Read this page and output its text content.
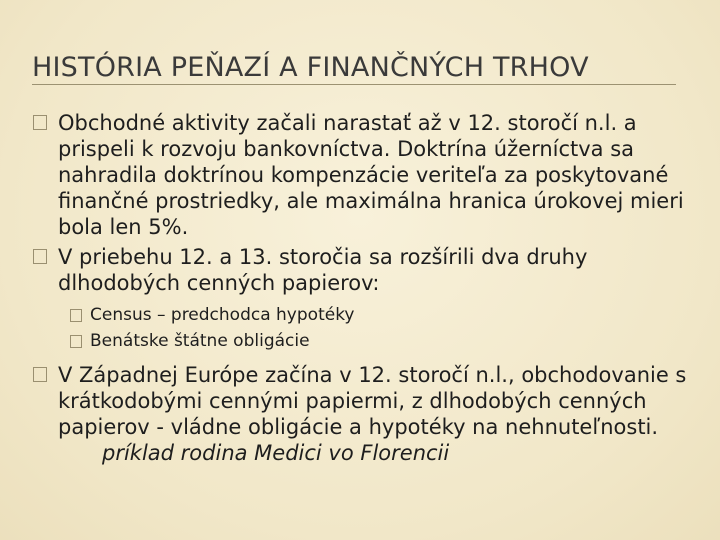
HISTÓRIA PEŇAZÍ A FINANČNÝCH TRHOV
Obchodné aktivity začali narastať až v 12. storočí n.l. a prispeli k rozvoju bankovníctva. Doktrína úžerníctva sa nahradila doktrínou kompenzácie veriteľa za poskytované finančné prostriedky, ale maximálna hranica úrokovej mieri bola len 5%.
V priebehu 12. a 13. storočia sa rozšírili dva druhy dlhodobých cenných papierov:
Census – predchodca hypotéky
Benátske štátne obligácie
V Západnej Európe začína v 12. storočí n.l., obchodovanie s krátkodobými cennými papiermi, z dlhodobých cenných papierov - vládne obligácie a hypotéky na nehnuteľnosti.
príklad rodina Medici vo Florencii
